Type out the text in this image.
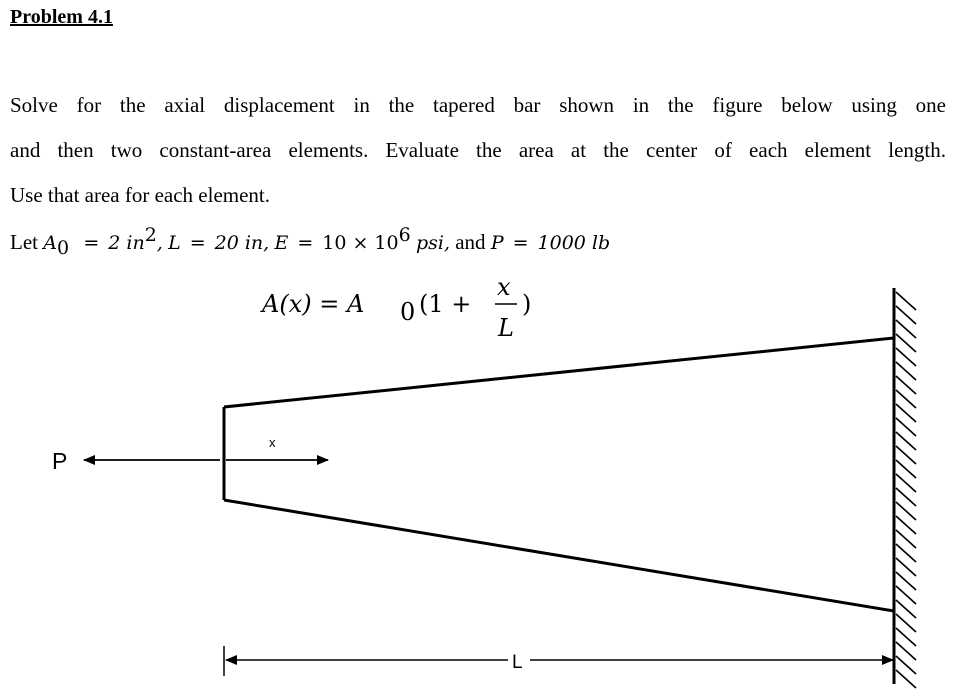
Problem 4.1
Solve for the axial displacement in the tapered bar shown in the figure below using one
and then two constant-area elements. Evaluate the area at the center of each element length.
Use that area for each element.
Let $A_0 = 2$ $in^2$, L = 20 in, $E = 10 \times 10^6$ psi, and P = 1000 lb
A(x) = A 0 (1 +
x
L
)
P
x
L
